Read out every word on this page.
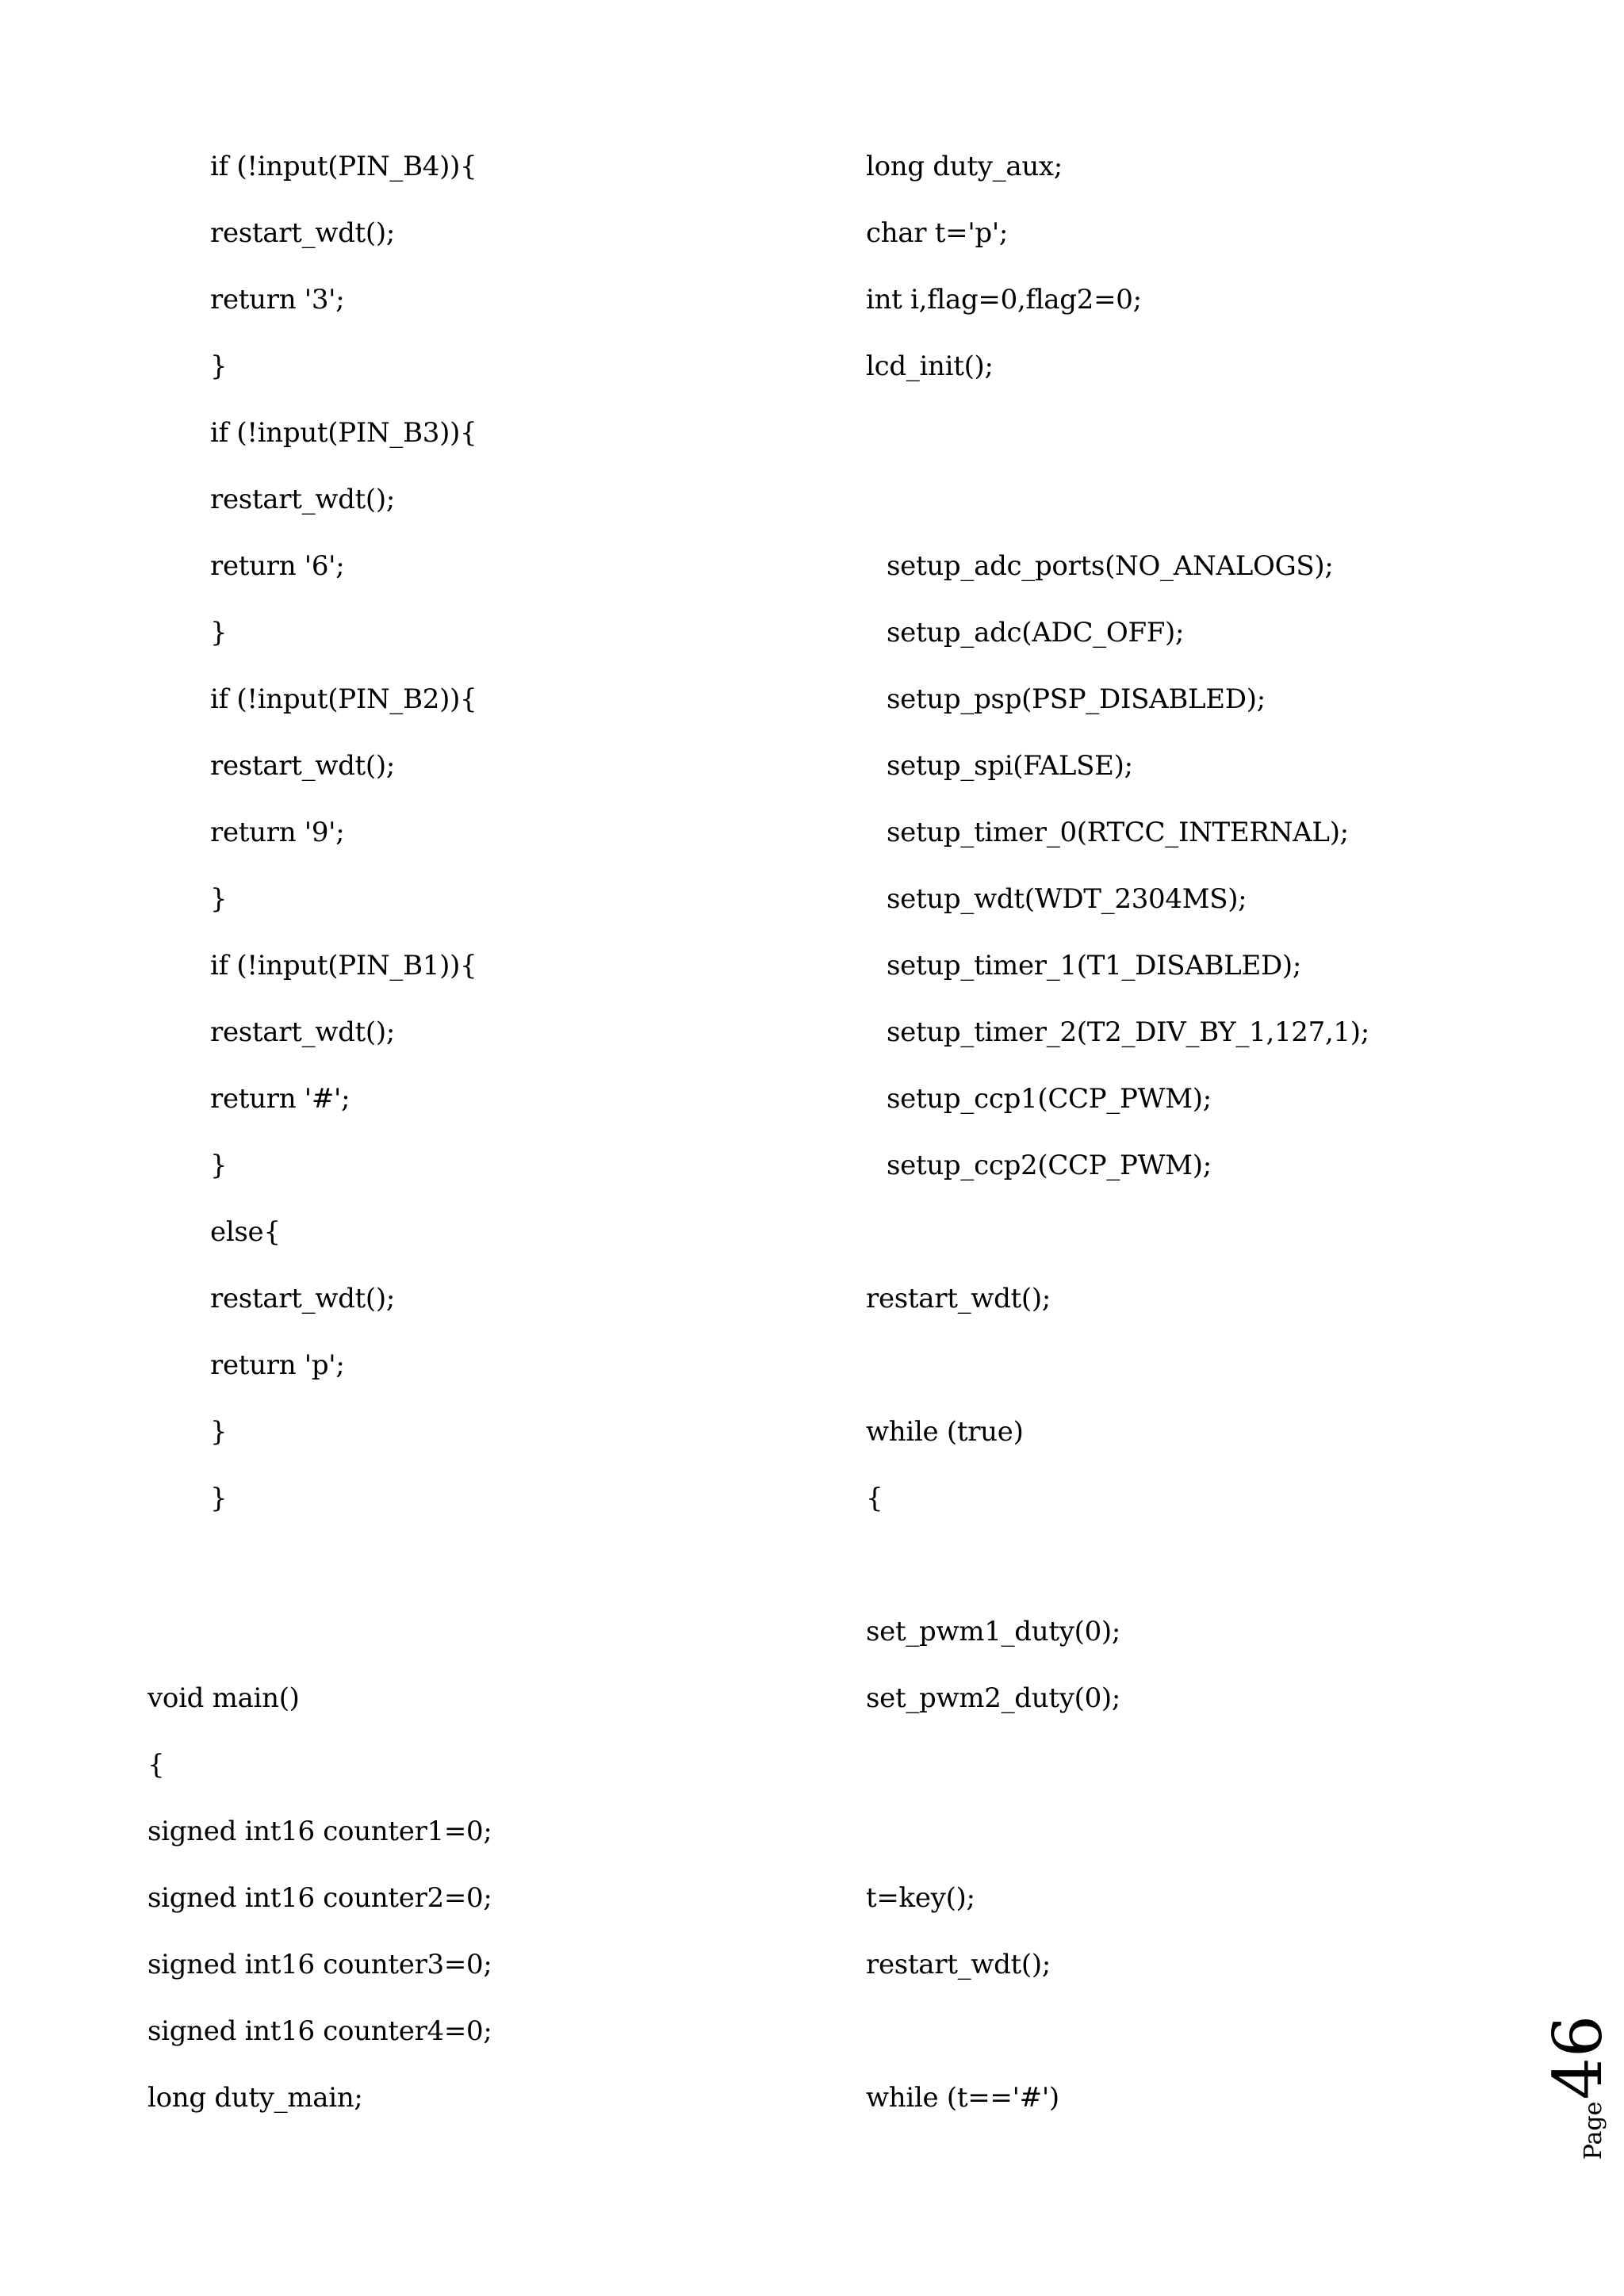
if (!input(PIN_B4)){
restart_wdt();
return '3';
}
if (!input(PIN_B3)){
restart_wdt();
return '6';
}
if (!input(PIN_B2)){
restart_wdt();
return '9';
}
if (!input(PIN_B1)){
restart_wdt();
return '#';
}
else{
restart_wdt();
return 'p';
}
}
void main()
{
signed int16 counter1=0;
signed int16 counter2=0;
signed int16 counter3=0;
signed int16 counter4=0;
long duty_main;
long duty_aux;
char t='p';
int i,flag=0,flag2=0;
lcd_init();
setup_adc_ports(NO_ANALOGS);
setup_adc(ADC_OFF);
setup_psp(PSP_DISABLED);
setup_spi(FALSE);
setup_timer_0(RTCC_INTERNAL);
setup_wdt(WDT_2304MS);
setup_timer_1(T1_DISABLED);
setup_timer_2(T2_DIV_BY_1,127,1);
setup_ccp1(CCP_PWM);
setup_ccp2(CCP_PWM);
restart_wdt();
while (true)
{
set_pwm1_duty(0);
set_pwm2_duty(0);
t=key();
restart_wdt();
while (t=='#')
Page
46
